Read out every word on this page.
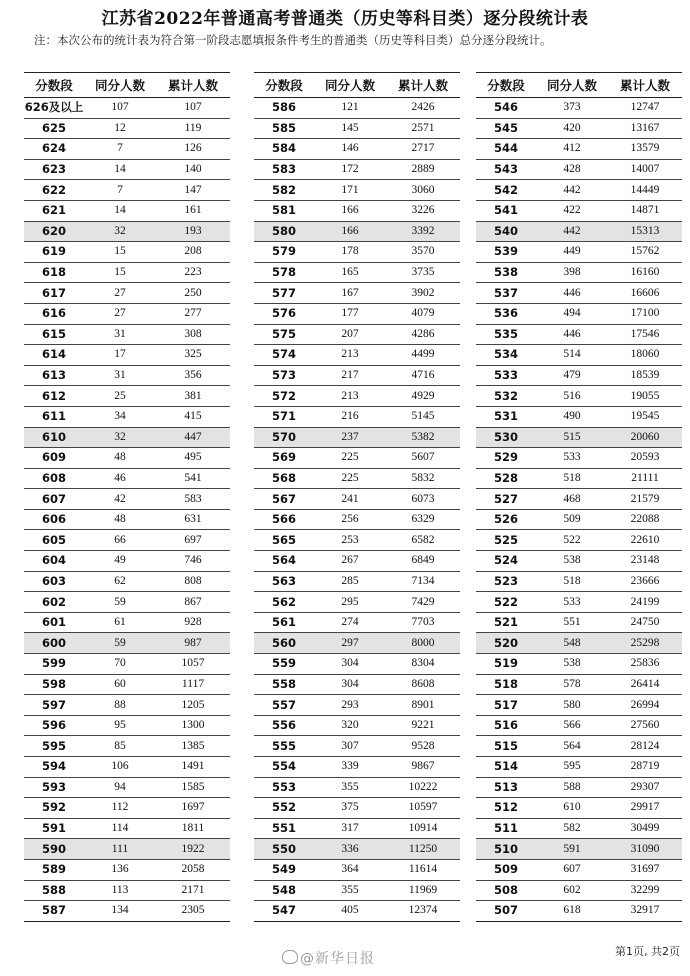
江苏省2022年普通高考普通类（历史等科目类）逐分段统计表
注：本次公布的统计表为符合第一阶段志愿填报条件考生的普通类（历史等科目类）总分逐分段统计。
分数段	同分人数	累计人数
626及以上	107	107
625	12	119
624	7	126
623	14	140
622	7	147
621	14	161
620	32	193
619	15	208
618	15	223
617	27	250
616	27	277
615	31	308
614	17	325
613	31	356
612	25	381
611	34	415
610	32	447
609	48	495
608	46	541
607	42	583
606	48	631
605	66	697
604	49	746
603	62	808
602	59	867
601	61	928
600	59	987
599	70	1057
598	60	1117
597	88	1205
596	95	1300
595	85	1385
594	106	1491
593	94	1585
592	112	1697
591	114	1811
590	111	1922
589	136	2058
588	113	2171
587	134	2305
分数段	同分人数	累计人数
586	121	2426
585	145	2571
584	146	2717
583	172	2889
582	171	3060
581	166	3226
580	166	3392
579	178	3570
578	165	3735
577	167	3902
576	177	4079
575	207	4286
574	213	4499
573	217	4716
572	213	4929
571	216	5145
570	237	5382
569	225	5607
568	225	5832
567	241	6073
566	256	6329
565	253	6582
564	267	6849
563	285	7134
562	295	7429
561	274	7703
560	297	8000
559	304	8304
558	304	8608
557	293	8901
556	320	9221
555	307	9528
554	339	9867
553	355	10222
552	375	10597
551	317	10914
550	336	11250
549	364	11614
548	355	11969
547	405	12374
分数段	同分人数	累计人数
546	373	12747
545	420	13167
544	412	13579
543	428	14007
542	442	14449
541	422	14871
540	442	15313
539	449	15762
538	398	16160
537	446	16606
536	494	17100
535	446	17546
534	514	18060
533	479	18539
532	516	19055
531	490	19545
530	515	20060
529	533	20593
528	518	21111
527	468	21579
526	509	22088
525	522	22610
524	538	23148
523	518	23666
522	533	24199
521	551	24750
520	548	25298
519	538	25836
518	578	26414
517	580	26994
516	566	27560
515	564	28124
514	595	28719
513	588	29307
512	610	29917
511	582	30499
510	591	31090
509	607	31697
508	602	32299
507	618	32917
@新华日报	第1页, 共2页
